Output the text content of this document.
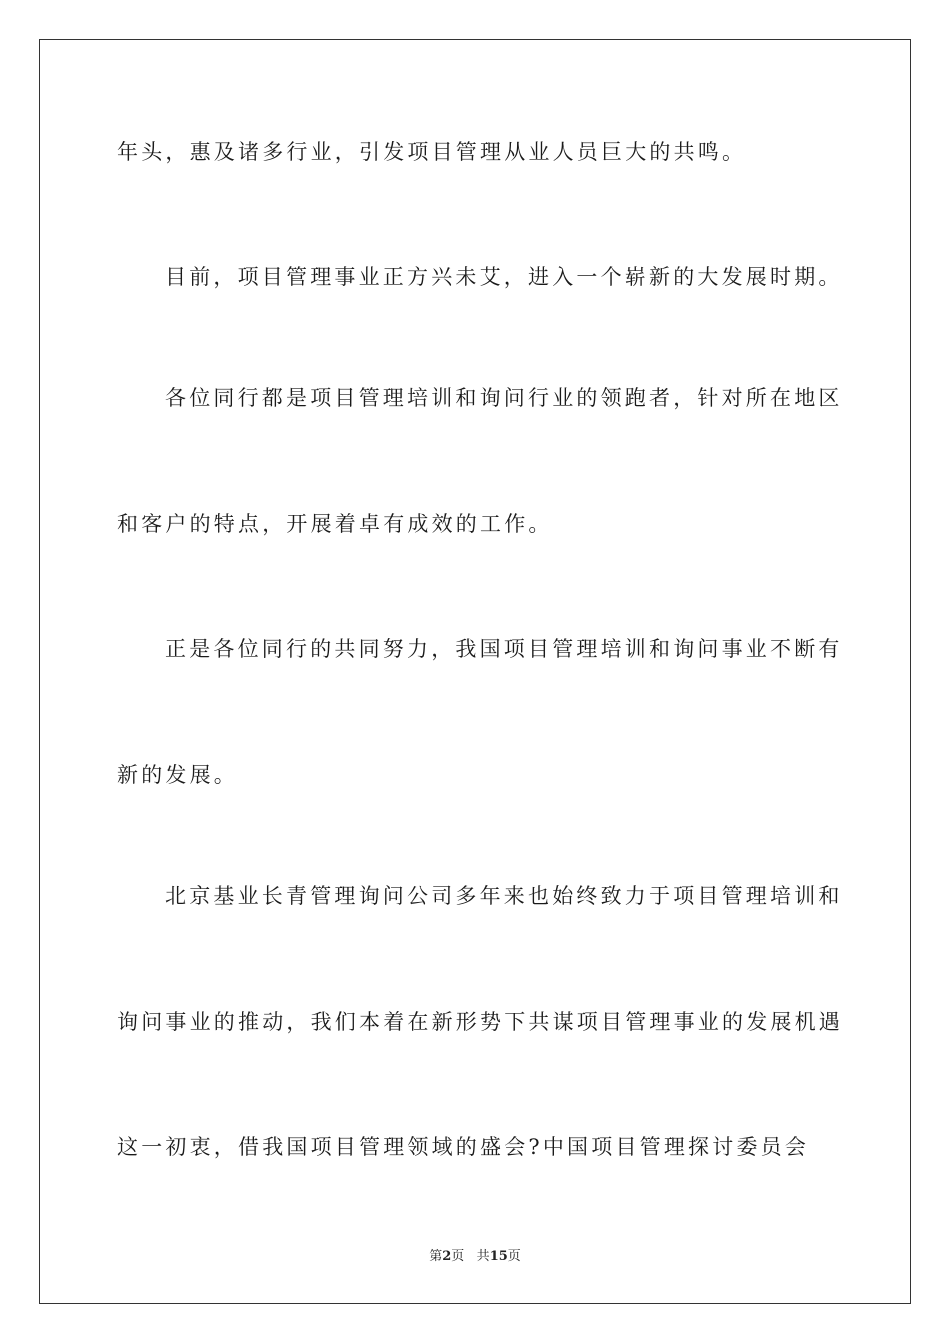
年头，惠及诸多行业，引发项目管理从业人员巨大的共鸣。
目前，项目管理事业正方兴未艾，进入一个崭新的大发展时期。
各位同行都是项目管理培训和询问行业的领跑者，针对所在地区
和客户的特点，开展着卓有成效的工作。
正是各位同行的共同努力，我国项目管理培训和询问事业不断有
新的发展。
北京基业长青管理询问公司多年来也始终致力于项目管理培训和
询问事业的推动，我们本着在新形势下共谋项目管理事业的发展机遇
这一初衷，借我国项目管理领域的盛会?中国项目管理探讨委员会
第2页 共15页
